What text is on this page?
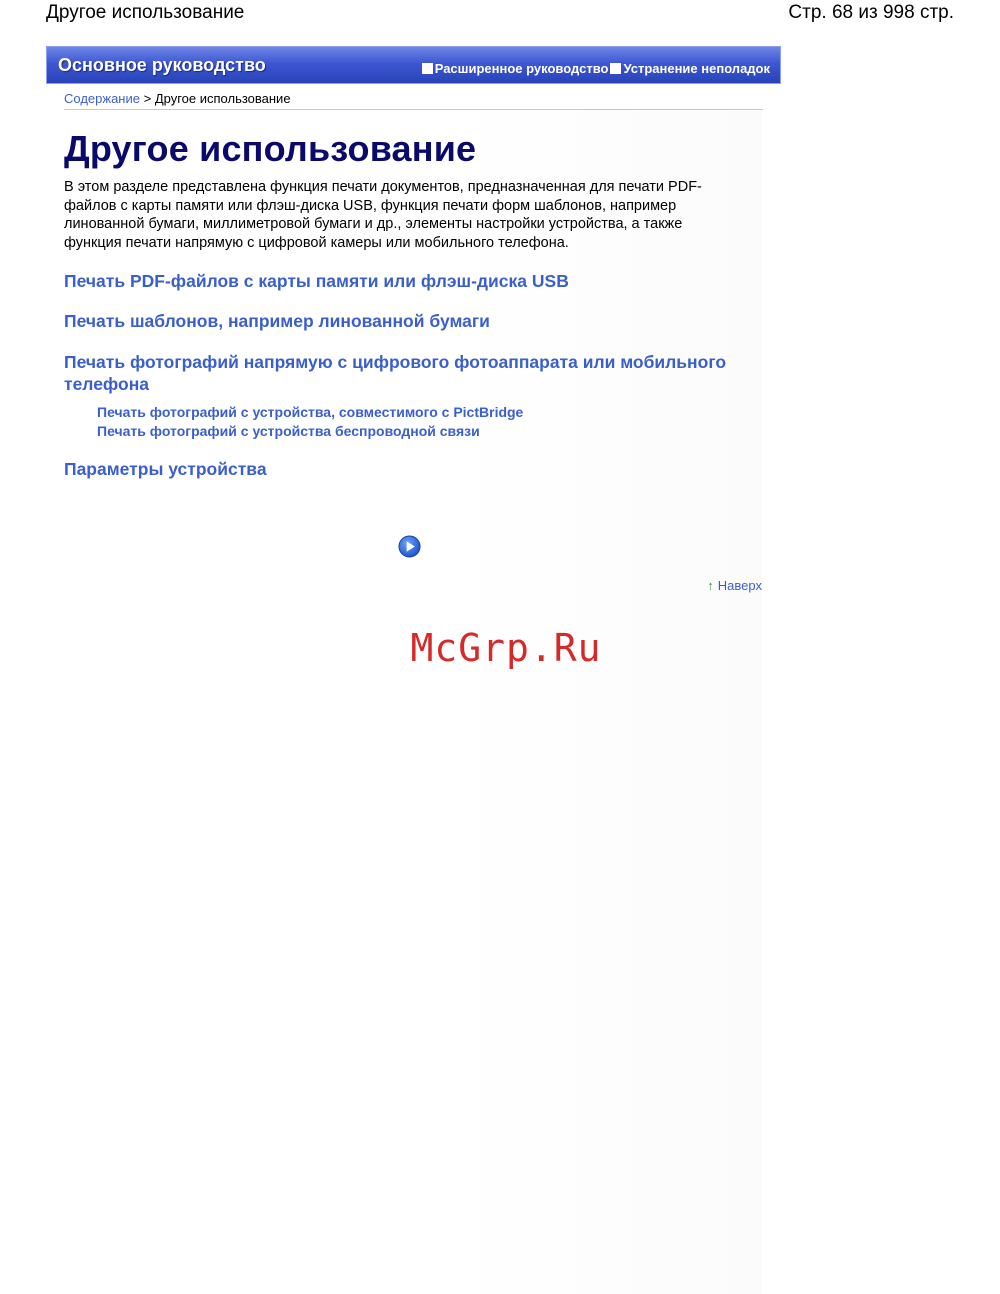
Другое использование	Стр. 68 из 998 стр.
Основное руководство	Расширенное руководство Устранение неполадок
Содержание > Другое использование
Другое использование
В этом разделе представлена функция печати документов, предназначенная для печати PDF-
файлов с карты памяти или флэш-диска USB, функция печати форм шаблонов, например
линованной бумаги, миллиметровой бумаги и др., элементы настройки устройства, а также
функция печати напрямую с цифровой камеры или мобильного телефона.
Печать PDF-файлов с карты памяти или флэш-диска USB
Печать шаблонов, например линованной бумаги
Печать фотографий напрямую с цифрового фотоаппарата или мобильного
телефона
Печать фотографий с устройства, совместимого с PictBridge
Печать фотографий с устройства беспроводной связи
Параметры устройства
↑ Наверх
McGrp.Ru
